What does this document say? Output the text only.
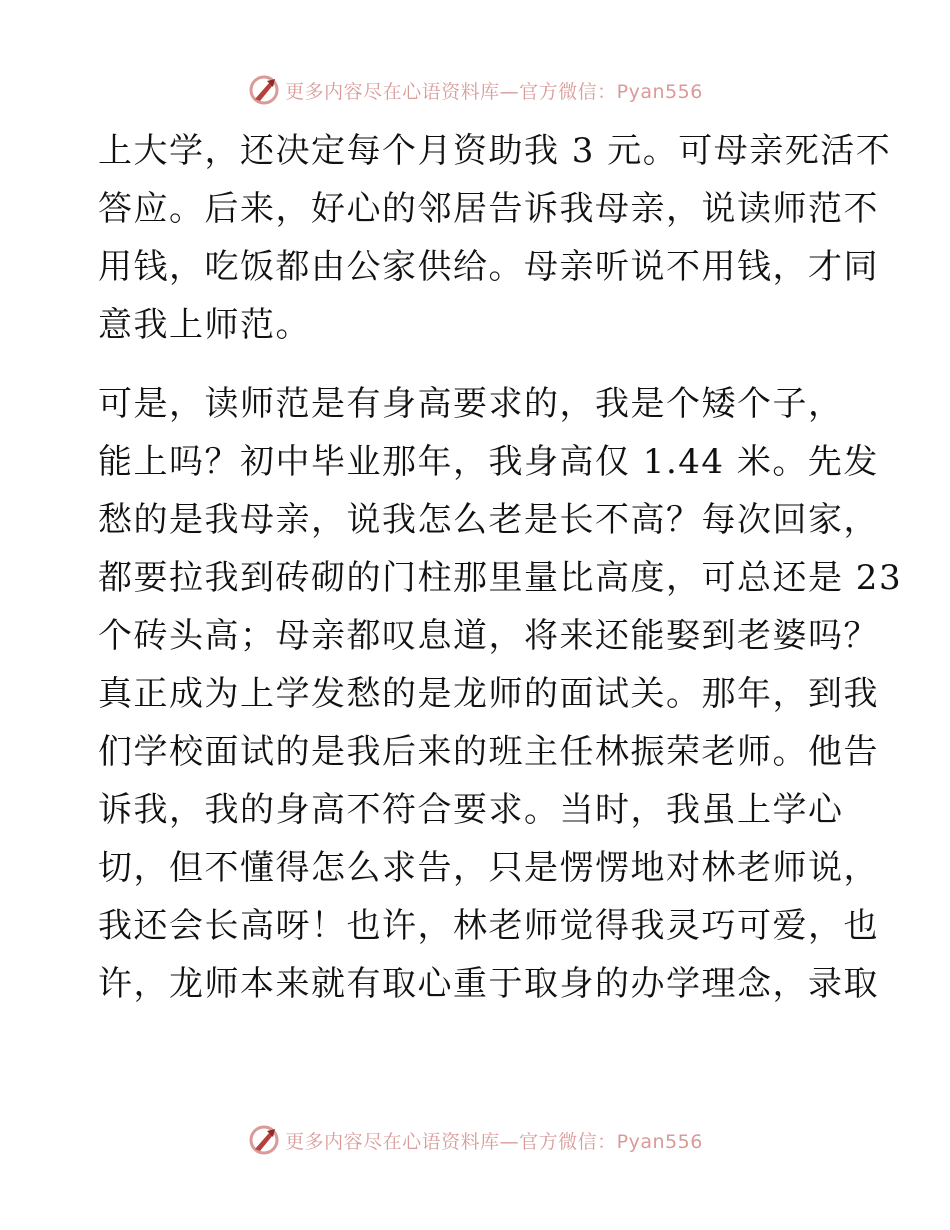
更多内容尽在心语资料库—官方微信：Pyan556
上大学，还决定每个月资助我 3 元。可母亲死活不
答应。后来，好心的邻居告诉我母亲，说读师范不
用钱，吃饭都由公家供给。母亲听说不用钱，才同
意我上师范。
可是，读师范是有身高要求的，我是个矮个子，
能上吗？初中毕业那年，我身高仅 1.44 米。先发
愁的是我母亲，说我怎么老是长不高？每次回家，
都要拉我到砖砌的门柱那里量比高度，可总还是 23
个砖头高；母亲都叹息道，将来还能娶到老婆吗？
真正成为上学发愁的是龙师的面试关。那年，到我
们学校面试的是我后来的班主任林振荣老师。他告
诉我，我的身高不符合要求。当时，我虽上学心
切，但不懂得怎么求告，只是愣愣地对林老师说，
我还会长高呀！也许，林老师觉得我灵巧可爱，也
许，龙师本来就有取心重于取身的办学理念，录取
更多内容尽在心语资料库—官方微信：Pyan556
